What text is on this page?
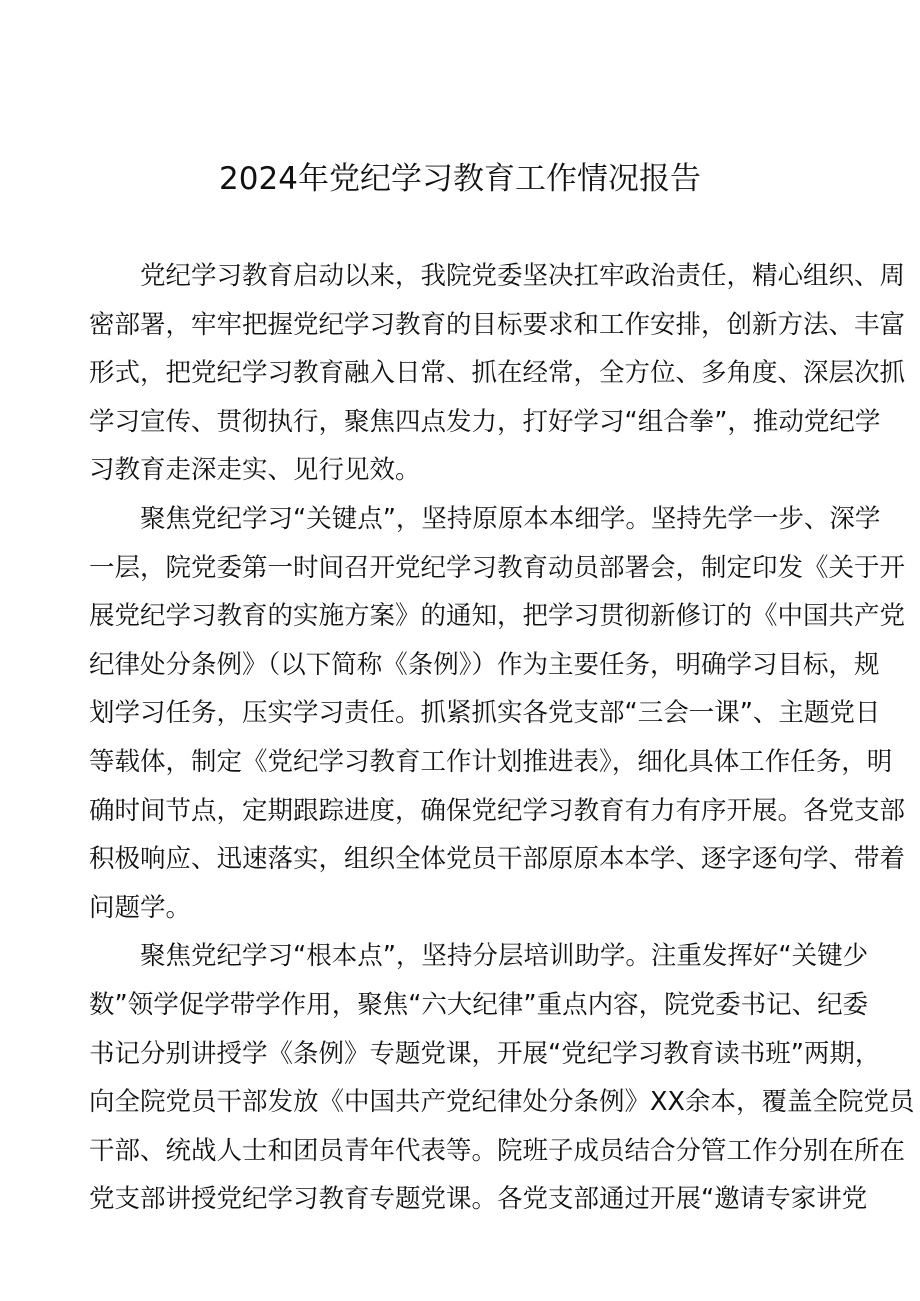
2024年党纪学习教育工作情况报告

党纪学习教育启动以来，我院党委坚决扛牢政治责任，精心组织、周
密部署，牢牢把握党纪学习教育的目标要求和工作安排，创新方法、丰富
形式，把党纪学习教育融入日常、抓在经常，全方位、多角度、深层次抓
学习宣传、贯彻执行，聚焦四点发力，打好学习“组合拳”，推动党纪学
习教育走深走实、见行见效。

聚焦党纪学习“关键点”，坚持原原本本细学。坚持先学一步、深学
一层，院党委第一时间召开党纪学习教育动员部署会，制定印发《关于开
展党纪学习教育的实施方案》的通知，把学习贯彻新修订的《中国共产党
纪律处分条例》（以下简称《条例》）作为主要任务，明确学习目标，规
划学习任务，压实学习责任。抓紧抓实各党支部“三会一课”、主题党日
等载体，制定《党纪学习教育工作计划推进表》，细化具体工作任务，明
确时间节点，定期跟踪进度，确保党纪学习教育有力有序开展。各党支部
积极响应、迅速落实，组织全体党员干部原原本本学、逐字逐句学、带着
问题学。

聚焦党纪学习“根本点”，坚持分层培训助学。注重发挥好“关键少
数”领学促学带学作用，聚焦“六大纪律”重点内容，院党委书记、纪委
书记分别讲授学《条例》专题党课，开展“党纪学习教育读书班”两期，
向全院党员干部发放《中国共产党纪律处分条例》XX余本，覆盖全院党员
干部、统战人士和团员青年代表等。院班子成员结合分管工作分别在所在
党支部讲授党纪学习教育专题党课。各党支部通过开展“邀请专家讲党
